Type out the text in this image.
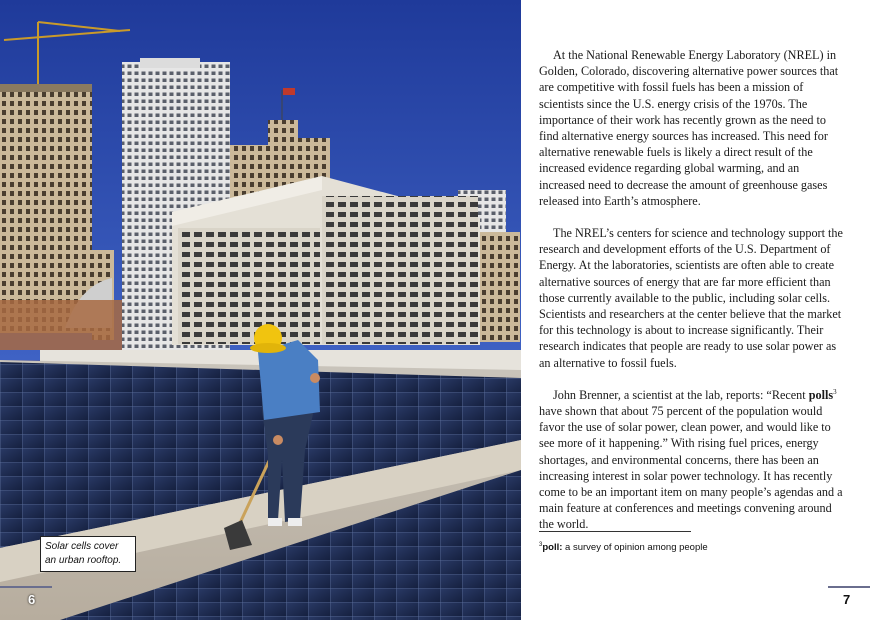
Solar cells cover
an urban rooftop.
6

At the National Renewable Energy Laboratory (NREL) in Golden, Colorado, discovering alternative power sources that are competitive with fossil fuels has been a mission of scientists since the U.S. energy crisis of the 1970s. The importance of their work has recently grown as the need to find alternative energy sources has increased. This need for alternative renewable fuels is likely a direct result of the increased evidence regarding global warming, and an increased need to decrease the amount of greenhouse gases released into Earth’s atmosphere.

The NREL’s centers for science and technology support the research and development efforts of the U.S. Department of Energy. At the laboratories, scientists are often able to create alternative sources of energy that are far more efficient than those currently available to the public, including solar cells. Scientists and researchers at the center believe that the market for this technology is about to increase significantly. Their research indicates that people are ready to use solar power as an alternative to fossil fuels.

John Brenner, a scientist at the lab, reports: “Recent polls$^3$ have shown that about 75 percent of the population would favor the use of solar power, clean power, and would like to see more of it happening.” With rising fuel prices, energy shortages, and environmental concerns, there has been an increasing interest in solar power technology. It has recently come to be an important item on many people’s agendas and a main feature at conferences and meetings convening around the world.

$^3$poll: a survey of opinion among people
7
